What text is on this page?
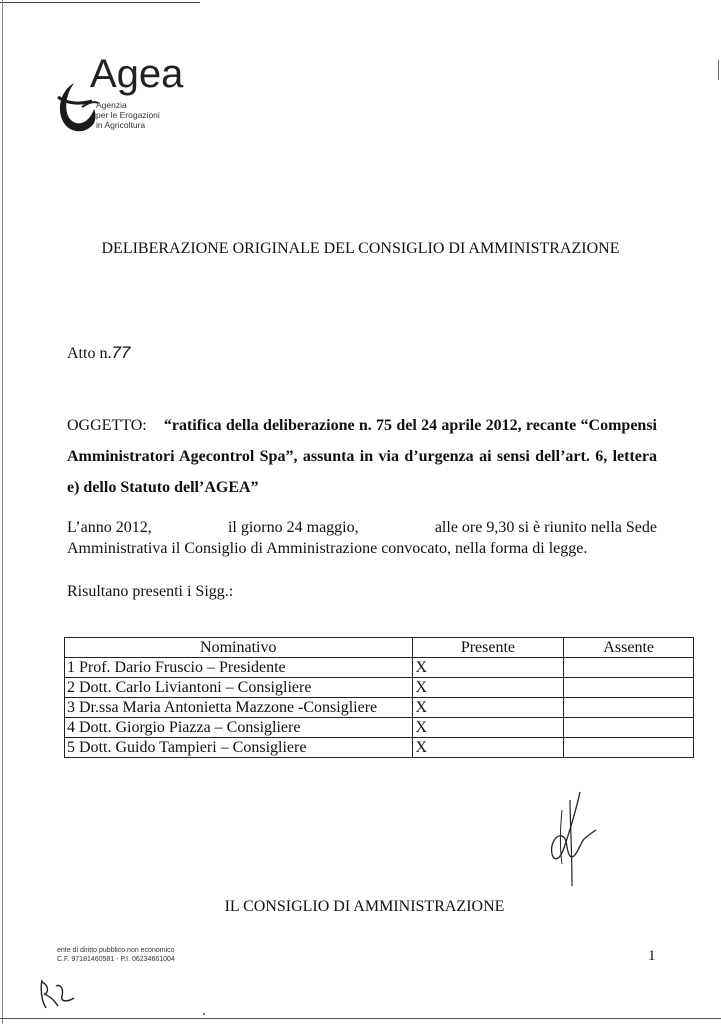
Agea
Agenzia
per le Erogazioni
in Agricoltura
DELIBERAZIONE ORIGINALE DEL CONSIGLIO DI AMMINISTRAZIONE
Atto n.77
OGGETTO: “ratifica della deliberazione n. 75 del 24 aprile 2012, recante “Compensi Amministratori Agecontrol Spa”, assunta in via d’urgenza ai sensi dell’art. 6, lettera e) dello Statuto dell’AGEA”
L’anno 2012,	il giorno 24 maggio,	alle ore 9,30 si è riunito nella Sede
Amministrativa il Consiglio di Amministrazione convocato, nella forma di legge.
Risultano presenti i Sigg.:
Nominativo	Presente	Assente
1 Prof. Dario Fruscio – Presidente	X	
2 Dott. Carlo Liviantoni – Consigliere	X	
3 Dr.ssa Maria Antonietta Mazzone -Consigliere	X	
4 Dott. Giorgio Piazza – Consigliere	X	
5 Dott. Guido Tampieri – Consigliere	X	
IL CONSIGLIO DI AMMINISTRAZIONE
ente di diritto pubblico non economico
C.F. 97181460581 - P.I. 06234661004	1
